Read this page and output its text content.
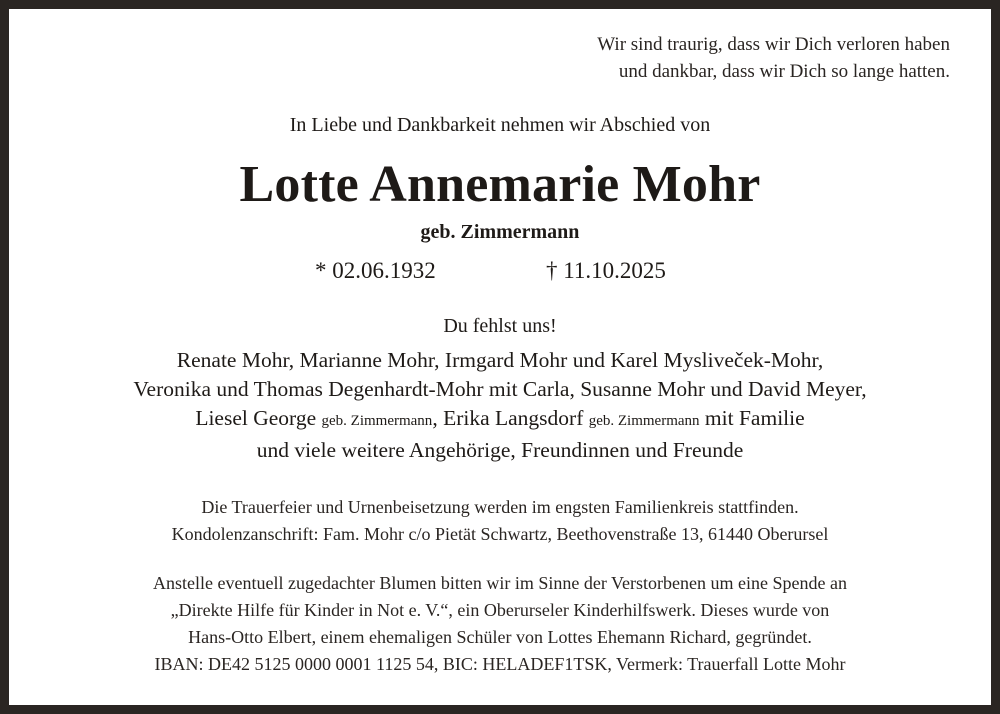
Wir sind traurig, dass wir Dich verloren haben
und dankbar, dass wir Dich so lange hatten.
In Liebe und Dankbarkeit nehmen wir Abschied von
Lotte Annemarie Mohr
geb. Zimmermann
* 02.06.1932	† 11.10.2025
Du fehlst uns!
Renate Mohr, Marianne Mohr, Irmgard Mohr und Karel Mysliveček-Mohr,
Veronika und Thomas Degenhardt-Mohr mit Carla, Susanne Mohr und David Meyer,
Liesel George geb. Zimmermann, Erika Langsdorf geb. Zimmermann mit Familie
und viele weitere Angehörige, Freundinnen und Freunde
Die Trauerfeier und Urnenbeisetzung werden im engsten Familienkreis stattfinden.
Kondolenzanschrift: Fam. Mohr c/o Pietät Schwartz, Beethovenstraße 13, 61440 Oberursel
Anstelle eventuell zugedachter Blumen bitten wir im Sinne der Verstorbenen um eine Spende an
„Direkte Hilfe für Kinder in Not e. V.“, ein Oberurseler Kinderhilfswerk. Dieses wurde von
Hans-Otto Elbert, einem ehemaligen Schüler von Lottes Ehemann Richard, gegründet.
IBAN: DE42 5125 0000 0001 1125 54, BIC: HELADEF1TSK, Vermerk: Trauerfall Lotte Mohr
